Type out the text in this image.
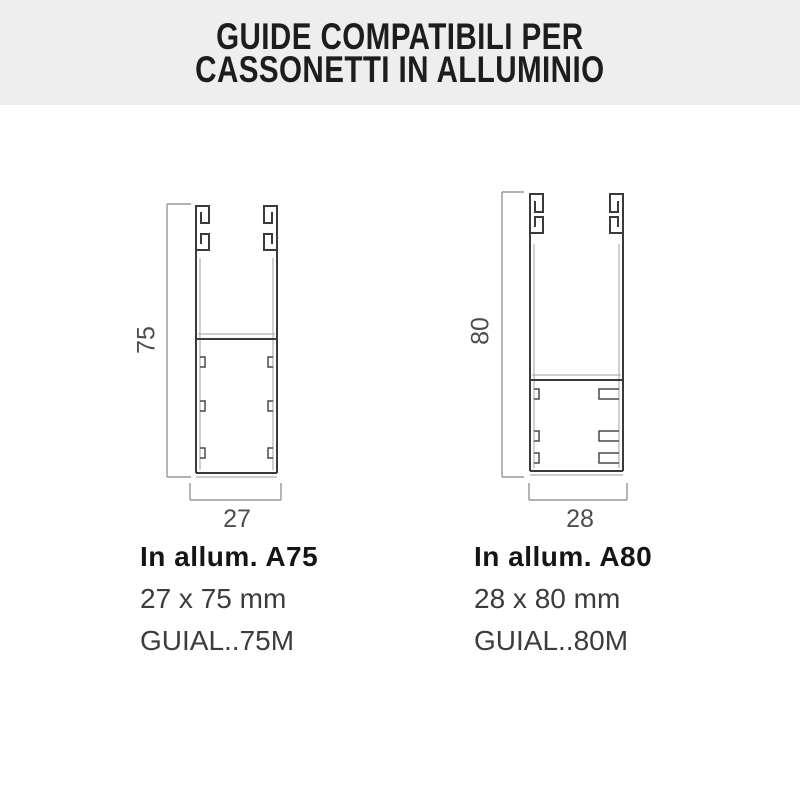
GUIDE COMPATIBILI PER
CASSONETTI IN ALLUMINIO
75
27
80
28
In allum. A75
27 x 75 mm
GUIAL..75M
In allum. A80
28 x 80 mm
GUIAL..80M
